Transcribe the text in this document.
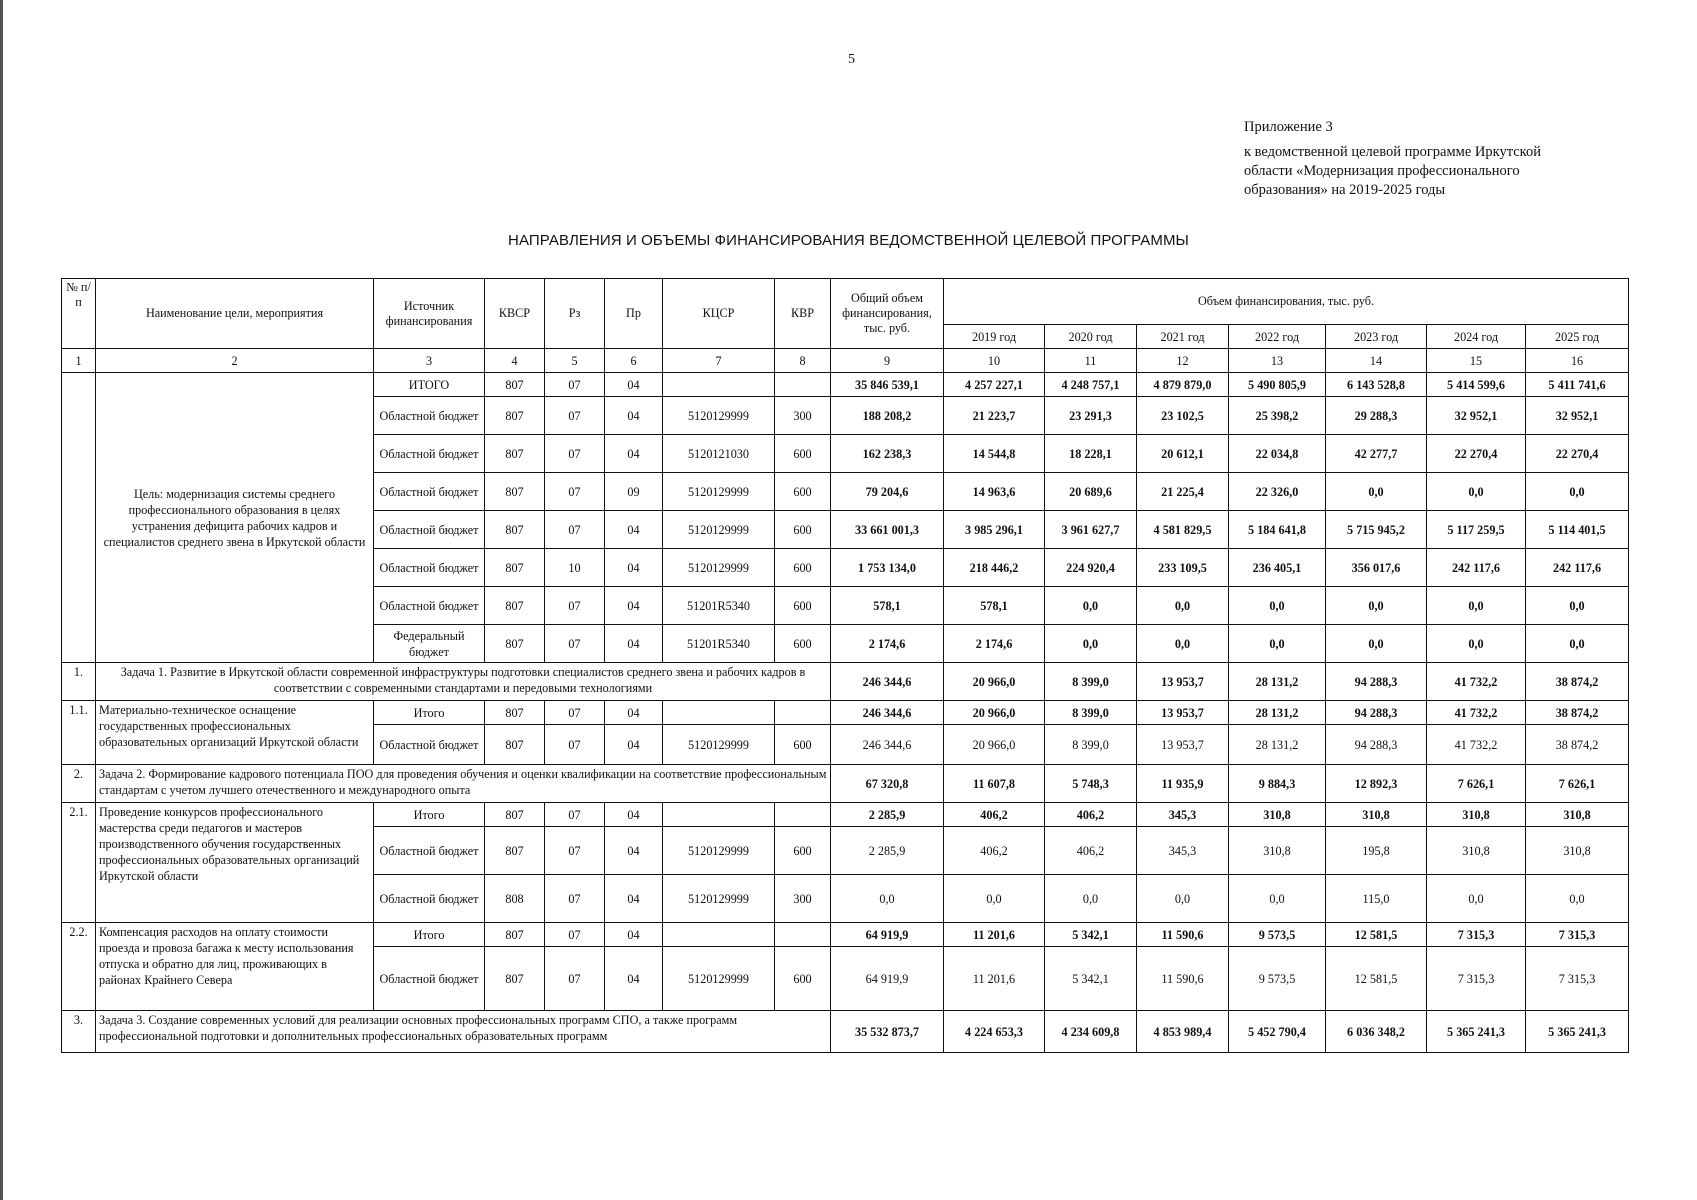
5
Приложение 3
к ведомственной целевой программе Иркутской
области «Модернизация профессионального
образования» на 2019-2025 годы
НАПРАВЛЕНИЯ И ОБЪЕМЫ ФИНАНСИРОВАНИЯ ВЕДОМСТВЕННОЙ ЦЕЛЕВОЙ ПРОГРАММЫ
№ п/п	Наименование цели, мероприятия	Источник финансирования	КВСР	Рз	Пр	КЦСР	КВР	Общий объем финансирования, тыс. руб.	Объем финансирования, тыс. руб.						
									2019 год	2020 год	2021 год	2022 год	2023 год	2024 год	2025 год
1	2	3	4	5	6	7	8	9	10	11	12	13	14	15	16
	Цель: модернизация системы среднего профессионального образования в целях устранения дефицита рабочих кадров и специалистов среднего звена в Иркутской области	ИТОГО	807	07	04			35 846 539,1	4 257 227,1	4 248 757,1	4 879 879,0	5 490 805,9	6 143 528,8	5 414 599,6	5 411 741,6
		Областной бюджет	807	07	04	5120129999	300	188 208,2	21 223,7	23 291,3	23 102,5	25 398,2	29 288,3	32 952,1	32 952,1
		Областной бюджет	807	07	04	5120121030	600	162 238,3	14 544,8	18 228,1	20 612,1	22 034,8	42 277,7	22 270,4	22 270,4
		Областной бюджет	807	07	09	5120129999	600	79 204,6	14 963,6	20 689,6	21 225,4	22 326,0	0,0	0,0	0,0
		Областной бюджет	807	07	04	5120129999	600	33 661 001,3	3 985 296,1	3 961 627,7	4 581 829,5	5 184 641,8	5 715 945,2	5 117 259,5	5 114 401,5
		Областной бюджет	807	10	04	5120129999	600	1 753 134,0	218 446,2	224 920,4	233 109,5	236 405,1	356 017,6	242 117,6	242 117,6
		Областной бюджет	807	07	04	51201R5340	600	578,1	578,1	0,0	0,0	0,0	0,0	0,0	0,0
		Федеральный бюджет	807	07	04	51201R5340	600	2 174,6	2 174,6	0,0	0,0	0,0	0,0	0,0	0,0
1.	Задача 1. Развитие в Иркутской области современной инфраструктуры подготовки специалистов среднего звена и рабочих кадров в соответствии с современными стандартами и передовыми технологиями							246 344,6	20 966,0	8 399,0	13 953,7	28 131,2	94 288,3	41 732,2	38 874,2
1.1.	Материально-техническое оснащение государственных профессиональных образовательных организаций Иркутской области	Итого	807	07	04			246 344,6	20 966,0	8 399,0	13 953,7	28 131,2	94 288,3	41 732,2	38 874,2
		Областной бюджет	807	07	04	5120129999	600	246 344,6	20 966,0	8 399,0	13 953,7	28 131,2	94 288,3	41 732,2	38 874,2
2.	Задача 2. Формирование кадрового потенциала ПОО для проведения обучения и оценки квалификации на соответствие профессиональным стандартам с учетом лучшего отечественного и международного опыта							67 320,8	11 607,8	5 748,3	11 935,9	9 884,3	12 892,3	7 626,1	7 626,1
2.1.	Проведение конкурсов профессионального мастерства среди педагогов и мастеров производственного обучения государственных профессиональных образовательных организаций Иркутской области	Итого	807	07	04			2 285,9	406,2	406,2	345,3	310,8	310,8	310,8	310,8
		Областной бюджет	807	07	04	5120129999	600	2 285,9	406,2	406,2	345,3	310,8	195,8	310,8	310,8
		Областной бюджет	808	07	04	5120129999	300	0,0	0,0	0,0	0,0	0,0	115,0	0,0	0,0
2.2.	Компенсация расходов на оплату стоимости проезда и провоза багажа к месту использования отпуска и обратно для лиц, проживающих в районах Крайнего Севера	Итого	807	07	04			64 919,9	11 201,6	5 342,1	11 590,6	9 573,5	12 581,5	7 315,3	7 315,3
		Областной бюджет	807	07	04	5120129999	600	64 919,9	11 201,6	5 342,1	11 590,6	9 573,5	12 581,5	7 315,3	7 315,3
3.	Задача 3. Создание современных условий для реализации основных профессиональных программ СПО, а также программ профессиональной подготовки и дополнительных профессиональных образовательных программ							35 532 873,7	4 224 653,3	4 234 609,8	4 853 989,4	5 452 790,4	6 036 348,2	5 365 241,3	5 365 241,3
